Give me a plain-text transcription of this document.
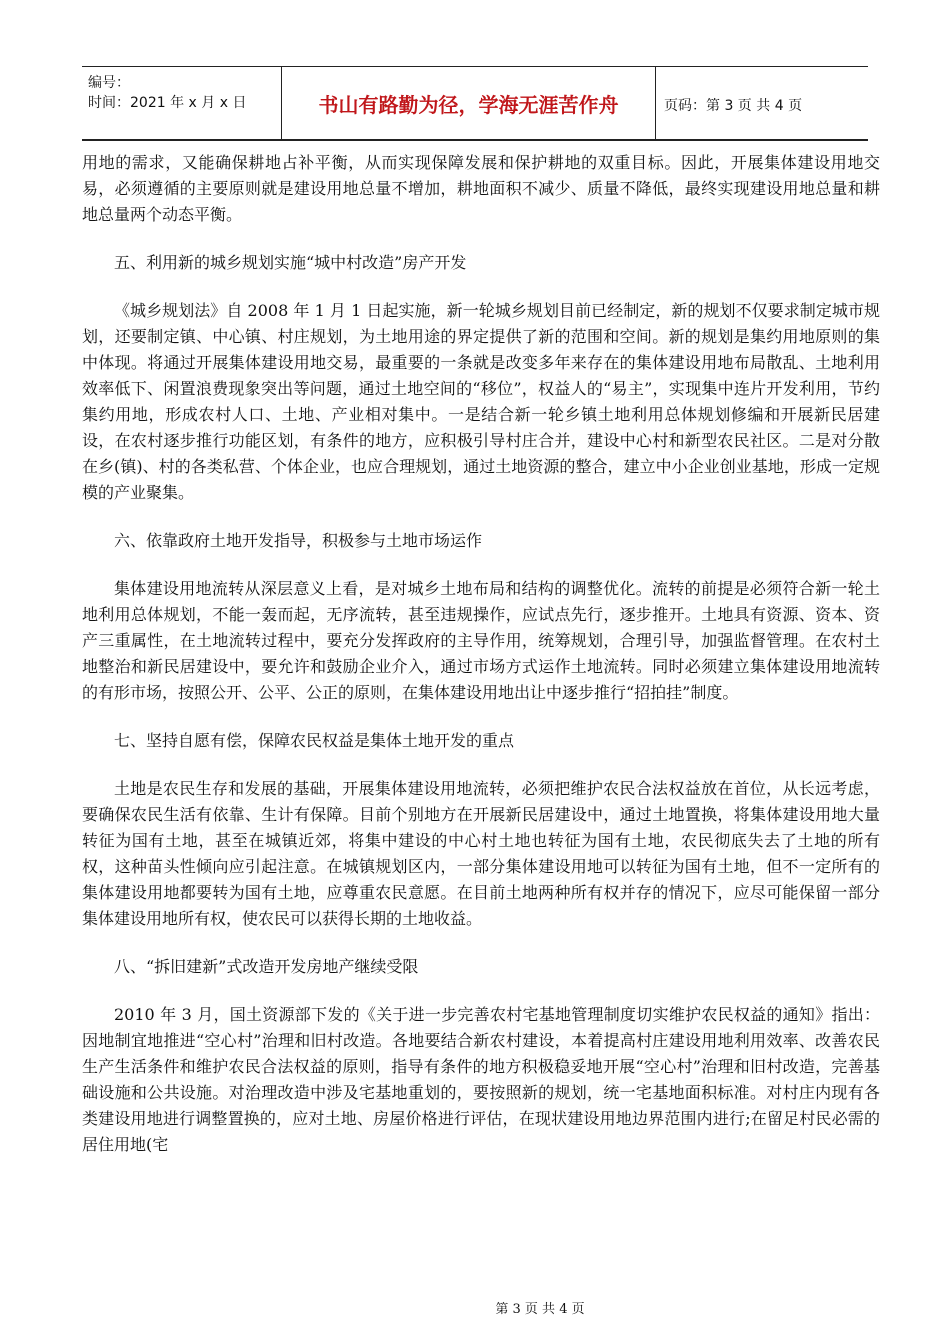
编号：
时间：2021 年 x 月 x 日	书山有路勤为径，学海无涯苦作舟	页码：第 3 页 共 4 页

用地的需求，又能确保耕地占补平衡，从而实现保障发展和保护耕地的双重目标。因此，开展集体建设用地交易，必须遵循的主要原则就是建设用地总量不增加，耕地面积不减少、质量不降低，最终实现建设用地总量和耕地总量两个动态平衡。

五、利用新的城乡规划实施“城中村改造”房产开发

《城乡规划法》自 2008 年 1 月 1 日起实施，新一轮城乡规划目前已经制定，新的规划不仅要求制定城市规划，还要制定镇、中心镇、村庄规划，为土地用途的界定提供了新的范围和空间。新的规划是集约用地原则的集中体现。将通过开展集体建设用地交易，最重要的一条就是改变多年来存在的集体建设用地布局散乱、土地利用效率低下、闲置浪费现象突出等问题，通过土地空间的“移位”，权益人的“易主”，实现集中连片开发利用，节约集约用地，形成农村人口、土地、产业相对集中。一是结合新一轮乡镇土地利用总体规划修编和开展新民居建设，在农村逐步推行功能区划，有条件的地方，应积极引导村庄合并，建设中心村和新型农民社区。二是对分散在乡(镇)、村的各类私营、个体企业，也应合理规划，通过土地资源的整合，建立中小企业创业基地，形成一定规模的产业聚集。

六、依靠政府土地开发指导，积极参与土地市场运作

集体建设用地流转从深层意义上看，是对城乡土地布局和结构的调整优化。流转的前提是必须符合新一轮土地利用总体规划，不能一轰而起，无序流转，甚至违规操作，应试点先行，逐步推开。土地具有资源、资本、资产三重属性，在土地流转过程中，要充分发挥政府的主导作用，统筹规划，合理引导，加强监督管理。在农村土地整治和新民居建设中，要允许和鼓励企业介入，通过市场方式运作土地流转。同时必须建立集体建设用地流转的有形市场，按照公开、公平、公正的原则，在集体建设用地出让中逐步推行“招拍挂”制度。

七、坚持自愿有偿，保障农民权益是集体土地开发的重点

土地是农民生存和发展的基础，开展集体建设用地流转，必须把维护农民合法权益放在首位，从长远考虑，要确保农民生活有依靠、生计有保障。目前个别地方在开展新民居建设中，通过土地置换，将集体建设用地大量转征为国有土地，甚至在城镇近郊，将集中建设的中心村土地也转征为国有土地，农民彻底失去了土地的所有权，这种苗头性倾向应引起注意。在城镇规划区内，一部分集体建设用地可以转征为国有土地，但不一定所有的集体建设用地都要转为国有土地，应尊重农民意愿。在目前土地两种所有权并存的情况下，应尽可能保留一部分集体建设用地所有权，使农民可以获得长期的土地收益。

八、“拆旧建新”式改造开发房地产继续受限

2010 年 3 月，国土资源部下发的《关于进一步完善农村宅基地管理制度切实维护农民权益的通知》指出：因地制宜地推进“空心村”治理和旧村改造。各地要结合新农村建设，本着提高村庄建设用地利用效率、改善农民生产生活条件和维护农民合法权益的原则，指导有条件的地方积极稳妥地开展“空心村”治理和旧村改造，完善基础设施和公共设施。对治理改造中涉及宅基地重划的，要按照新的规划，统一宅基地面积标准。对村庄内现有各类建设用地进行调整置换的，应对土地、房屋价格进行评估，在现状建设用地边界范围内进行;在留足村民必需的居住用地(宅

第 3 页 共 4 页
